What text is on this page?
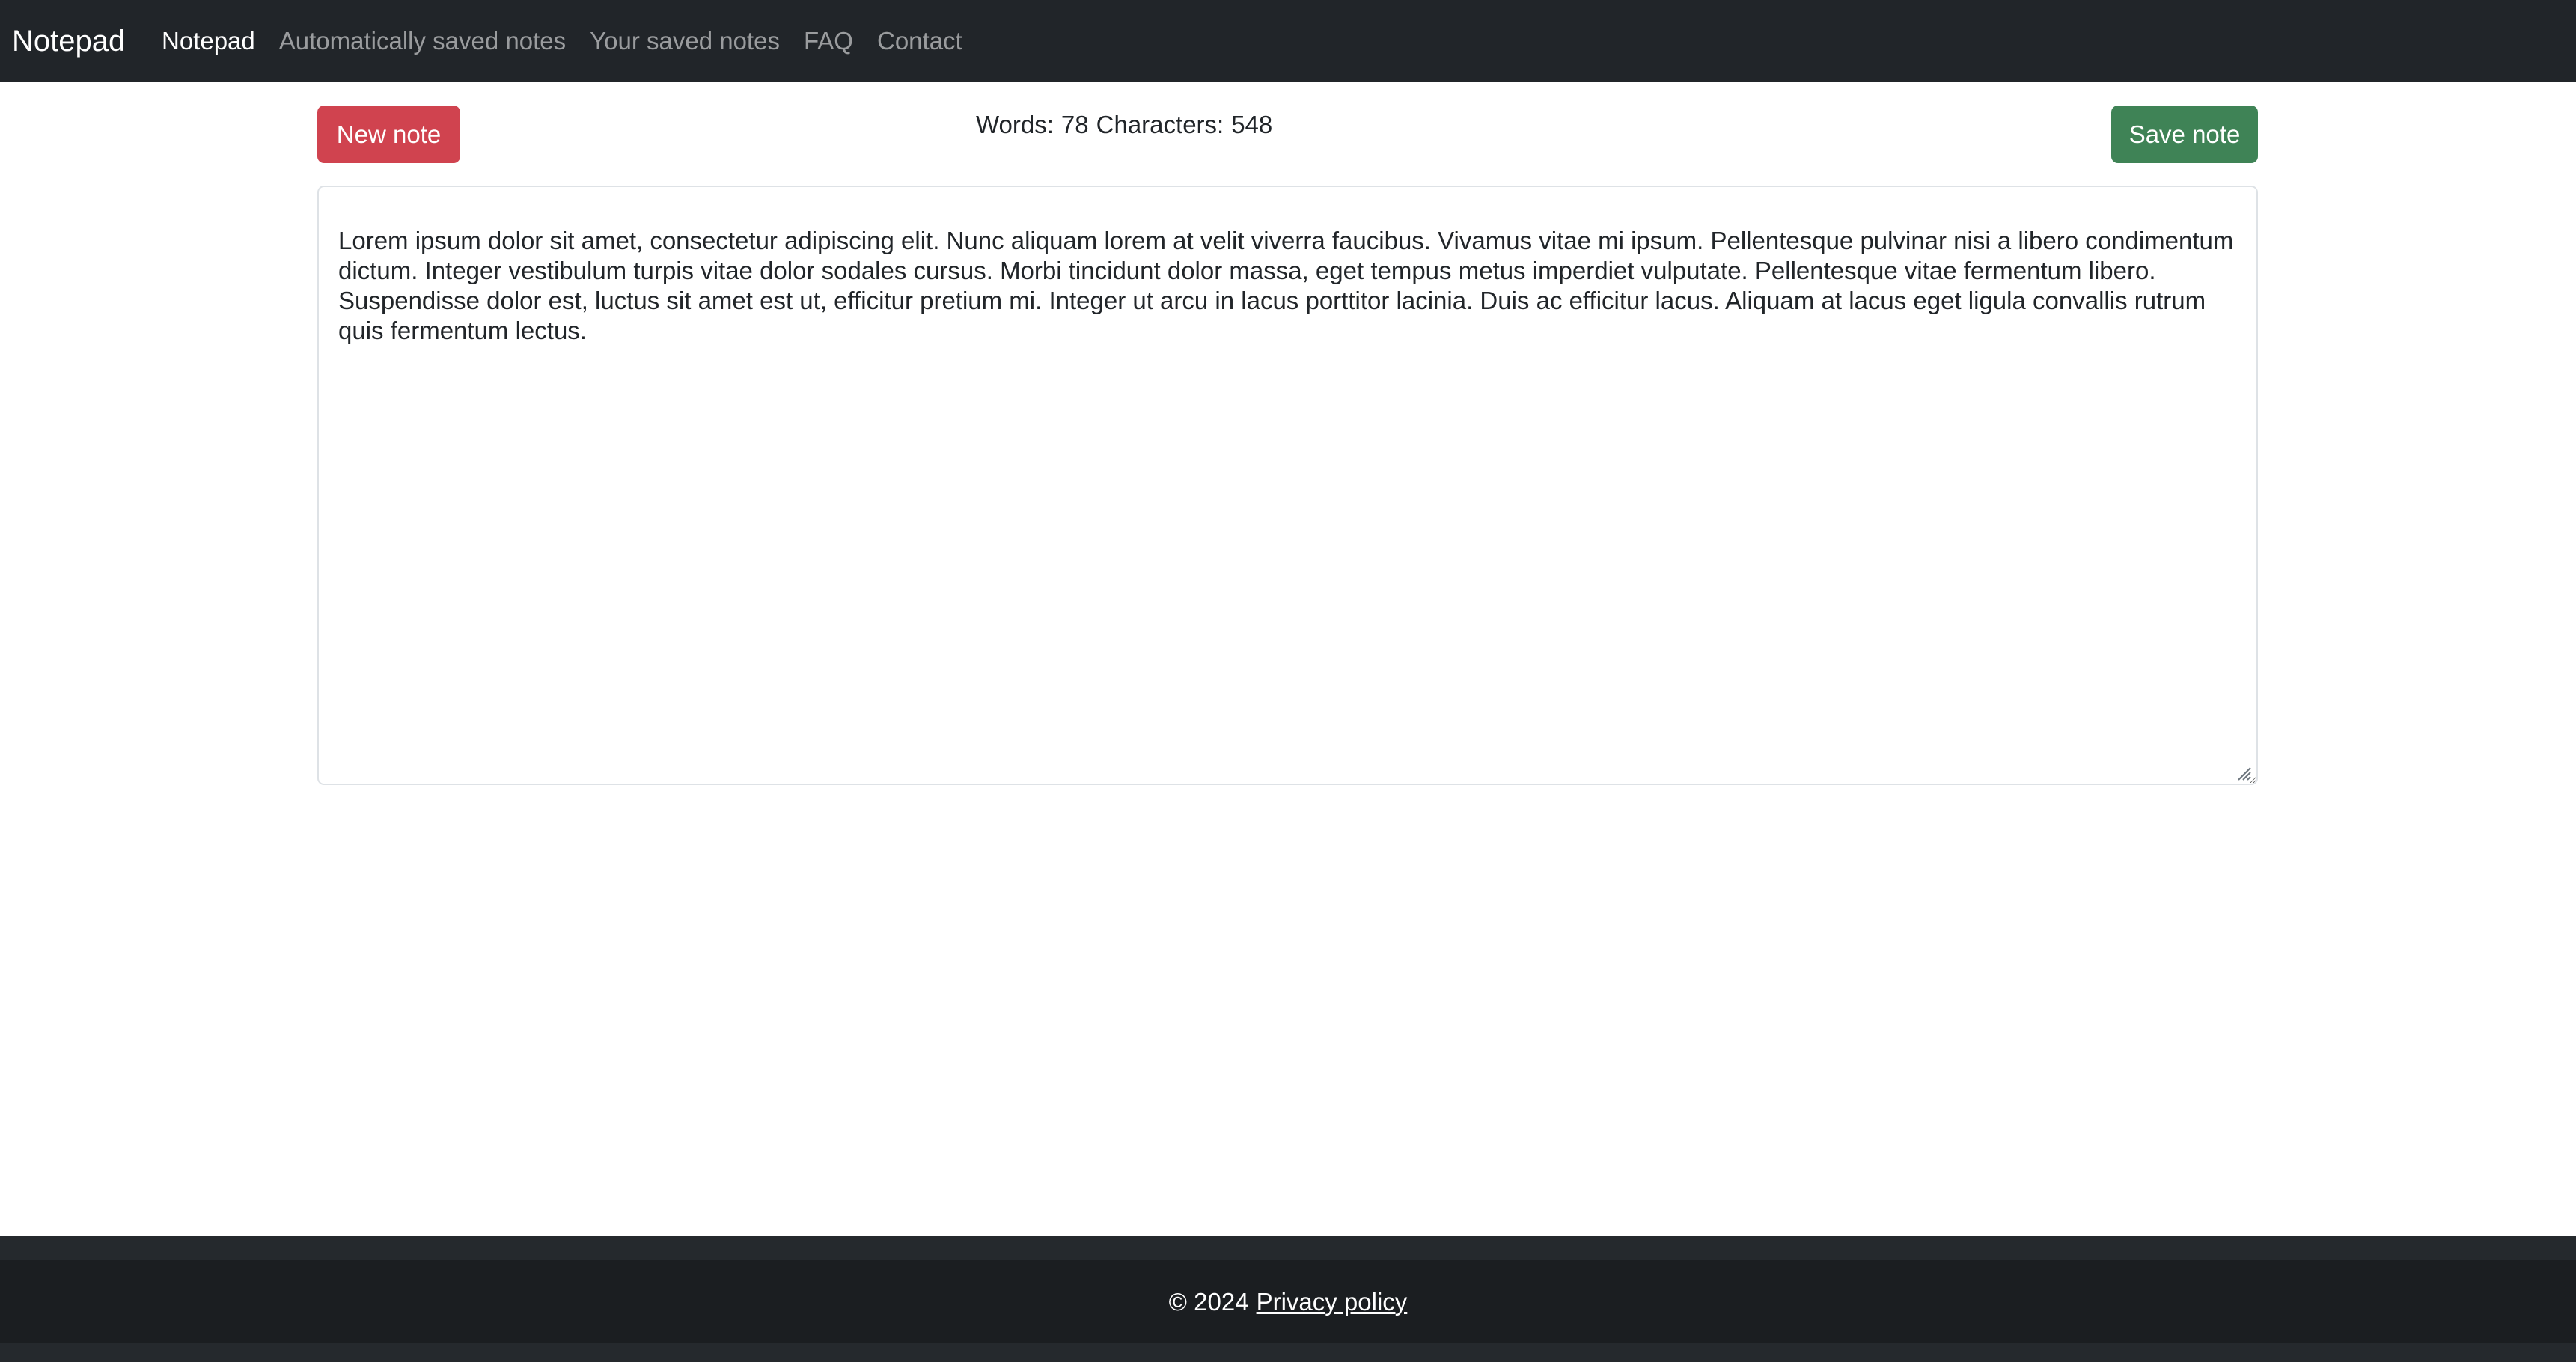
Notepad Notepad Automatically saved notes Your saved notes FAQ Contact
New note	Words: 78 Characters: 548	Save note
Lorem ipsum dolor sit amet, consectetur adipiscing elit. Nunc aliquam lorem at velit viverra faucibus. Vivamus vitae mi ipsum. Pellentesque pulvinar nisi a libero condimentum dictum. Integer vestibulum turpis vitae dolor sodales cursus. Morbi tincidunt dolor massa, eget tempus metus imperdiet vulputate. Pellentesque vitae fermentum libero. Suspendisse dolor est, luctus sit amet est ut, efficitur pretium mi. Integer ut arcu in lacus porttitor lacinia. Duis ac efficitur lacus. Aliquam at lacus eget ligula convallis rutrum quis fermentum lectus.
© 2024 Privacy policy
